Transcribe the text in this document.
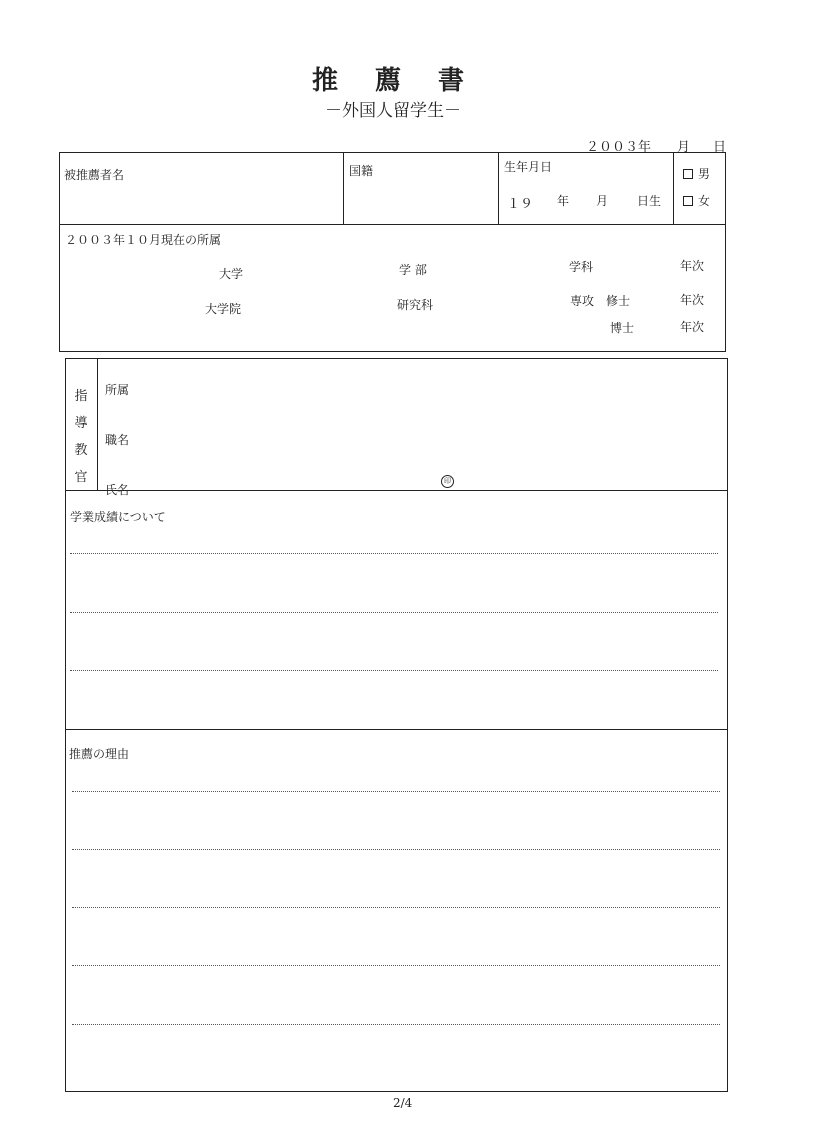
推 薦 書
－外国人留学生－
２００３年 月 日
被推薦者名	国籍	生年月日
１９ 年 月 日生
男
女
２００３年１０月現在の所属
大学	学 部	学科	年次
大学院	研究科	専攻　修士	年次
博士	年次
指
導
教
官
所属
職名
氏名
印
学業成績について
推薦の理由
2/4
